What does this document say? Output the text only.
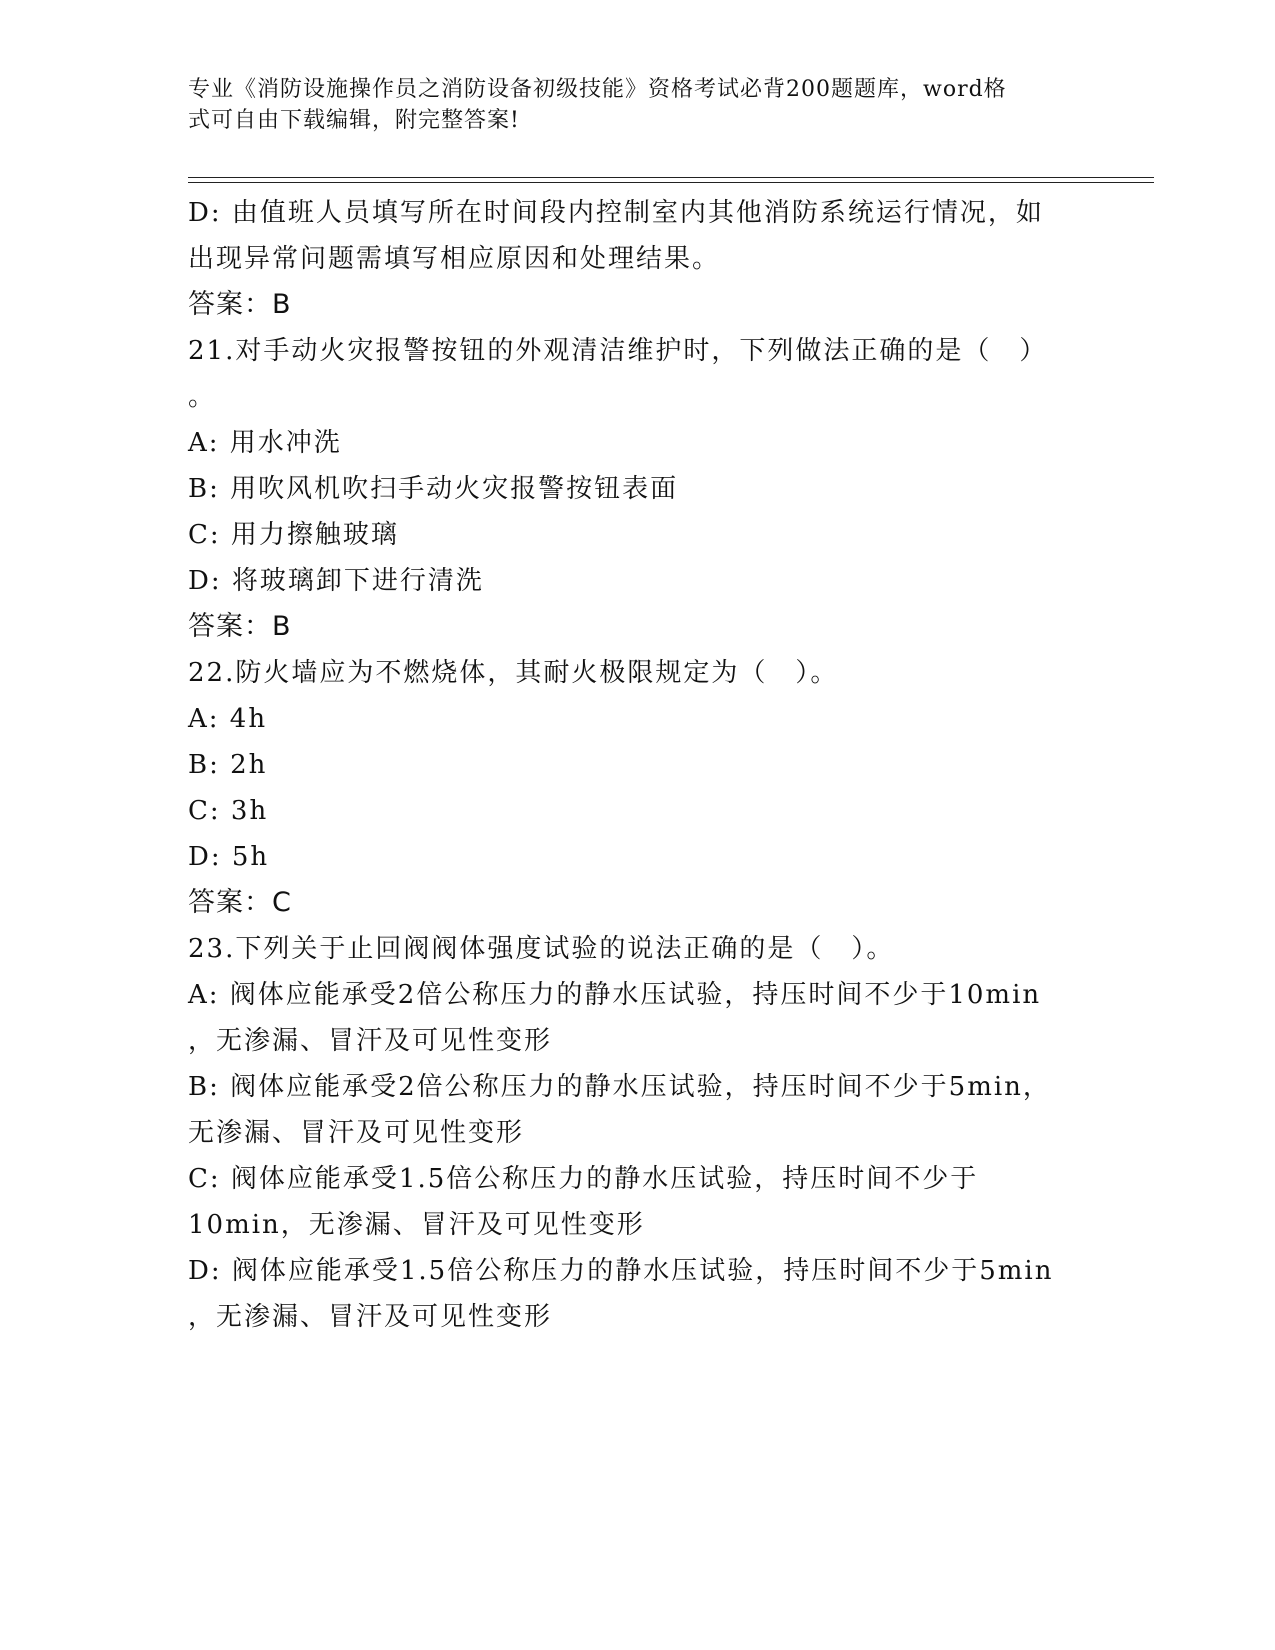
专业《消防设施操作员之消防设备初级技能》资格考试必背200题题库，word格
式可自由下载编辑，附完整答案!
D: 由值班人员填写所在时间段内控制室内其他消防系统运行情况，如
出现异常问题需填写相应原因和处理结果。
答案：B
21.对手动火灾报警按钮的外观清洁维护时，下列做法正确的是（　）
。
A: 用水冲洗
B: 用吹风机吹扫手动火灾报警按钮表面
C: 用力擦触玻璃
D: 将玻璃卸下进行清洗
答案：B
22.防火墙应为不燃烧体，其耐火极限规定为（　）。
A: 4h
B: 2h
C: 3h
D: 5h
答案：C
23.下列关于止回阀阀体强度试验的说法正确的是（　）。
A: 阀体应能承受2倍公称压力的静水压试验，持压时间不少于10min
，无渗漏、冒汗及可见性变形
B: 阀体应能承受2倍公称压力的静水压试验，持压时间不少于5min，
无渗漏、冒汗及可见性变形
C: 阀体应能承受1.5倍公称压力的静水压试验，持压时间不少于
10min，无渗漏、冒汗及可见性变形
D: 阀体应能承受1.5倍公称压力的静水压试验，持压时间不少于5min
，无渗漏、冒汗及可见性变形
